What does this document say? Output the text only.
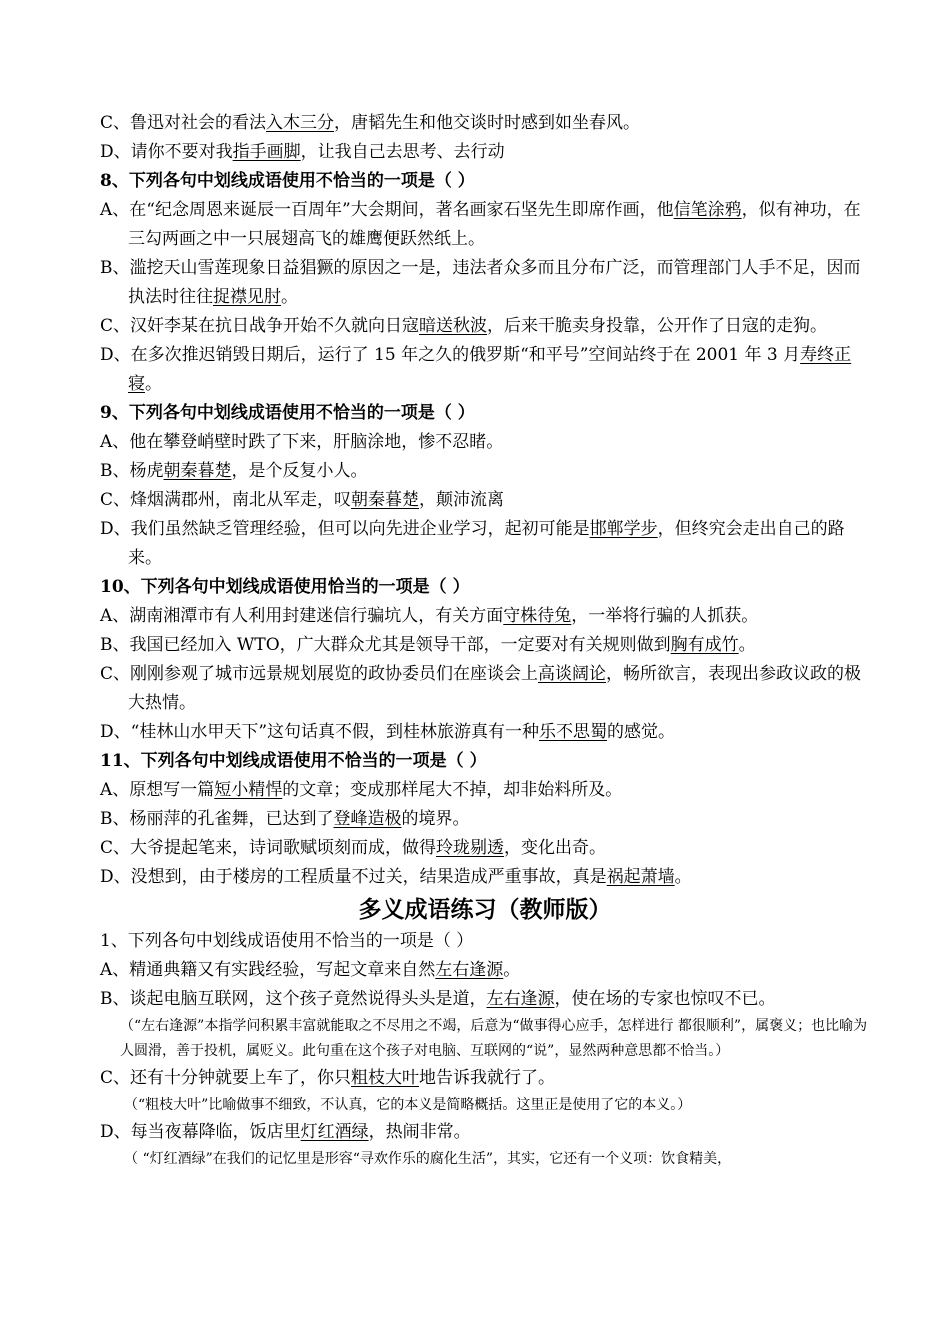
C、鲁迅对社会的看法入木三分，唐韬先生和他交谈时时感到如坐春风。
D、请你不要对我指手画脚，让我自己去思考、去行动
8、下列各句中划线成语使用不恰当的一项是（ ）
A、在“纪念周恩来诞辰一百周年”大会期间，著名画家石坚先生即席作画，他信笔涂鸦，似有神功，在三勾两画之中一只展翅高飞的雄鹰便跃然纸上。
B、滥挖天山雪莲现象日益猖獗的原因之一是，违法者众多而且分布广泛，而管理部门人手不足，因而执法时往往捉襟见肘。
C、汉奸李某在抗日战争开始不久就向日寇暗送秋波，后来干脆卖身投靠，公开作了日寇的走狗。
D、在多次推迟销毁日期后，运行了 15 年之久的俄罗斯“和平号”空间站终于在 2001 年 3 月寿终正寝。
9、下列各句中划线成语使用不恰当的一项是（ ）
A、他在攀登峭壁时跌了下来，肝脑涂地，惨不忍睹。
B、杨虎朝秦暮楚，是个反复小人。
C、烽烟满郡州，南北从军走，叹朝秦暮楚，颠沛流离
D、我们虽然缺乏管理经验，但可以向先进企业学习，起初可能是邯郸学步，但终究会走出自己的路来。
10、下列各句中划线成语使用恰当的一项是（ ）
A、湖南湘潭市有人利用封建迷信行骗坑人，有关方面守株待兔，一举将行骗的人抓获。
B、我国已经加入 WTO，广大群众尤其是领导干部，一定要对有关规则做到胸有成竹。
C、刚刚参观了城市远景规划展览的政协委员们在座谈会上高谈阔论，畅所欲言，表现出参政议政的极大热情。
D、“桂林山水甲天下”这句话真不假，到桂林旅游真有一种乐不思蜀的感觉。
11、下列各句中划线成语使用不恰当的一项是（ ）
A、原想写一篇短小精悍的文章；变成那样尾大不掉，却非始料所及。
B、杨丽萍的孔雀舞，已达到了登峰造极的境界。
C、大爷提起笔来，诗词歌赋顷刻而成，做得玲珑剔透，变化出奇。
D、没想到，由于楼房的工程质量不过关，结果造成严重事故，真是祸起萧墙。
多义成语练习（教师版）
1、下列各句中划线成语使用不恰当的一项是（ ）
A、精通典籍又有实践经验，写起文章来自然左右逢源。
B、谈起电脑互联网，这个孩子竟然说得头头是道，左右逢源，使在场的专家也惊叹不已。
（“左右逢源”本指学问积累丰富就能取之不尽用之不竭，后意为“做事得心应手，怎样进行 都很顺利”，属褒义；也比喻为人圆滑，善于投机，属贬义。此句重在这个孩子对电脑、互联网的“说”，显然两种意思都不恰当。）
C、还有十分钟就要上车了，你只粗枝大叶地告诉我就行了。
（“粗枝大叶”比喻做事不细致，不认真，它的本义是简略概括。这里正是使用了它的本义。）
D、每当夜幕降临，饭店里灯红酒绿，热闹非常。
（ “灯红酒绿”在我们的记忆里是形容“寻欢作乐的腐化生活”，其实，它还有一个义项：饮食精美，
